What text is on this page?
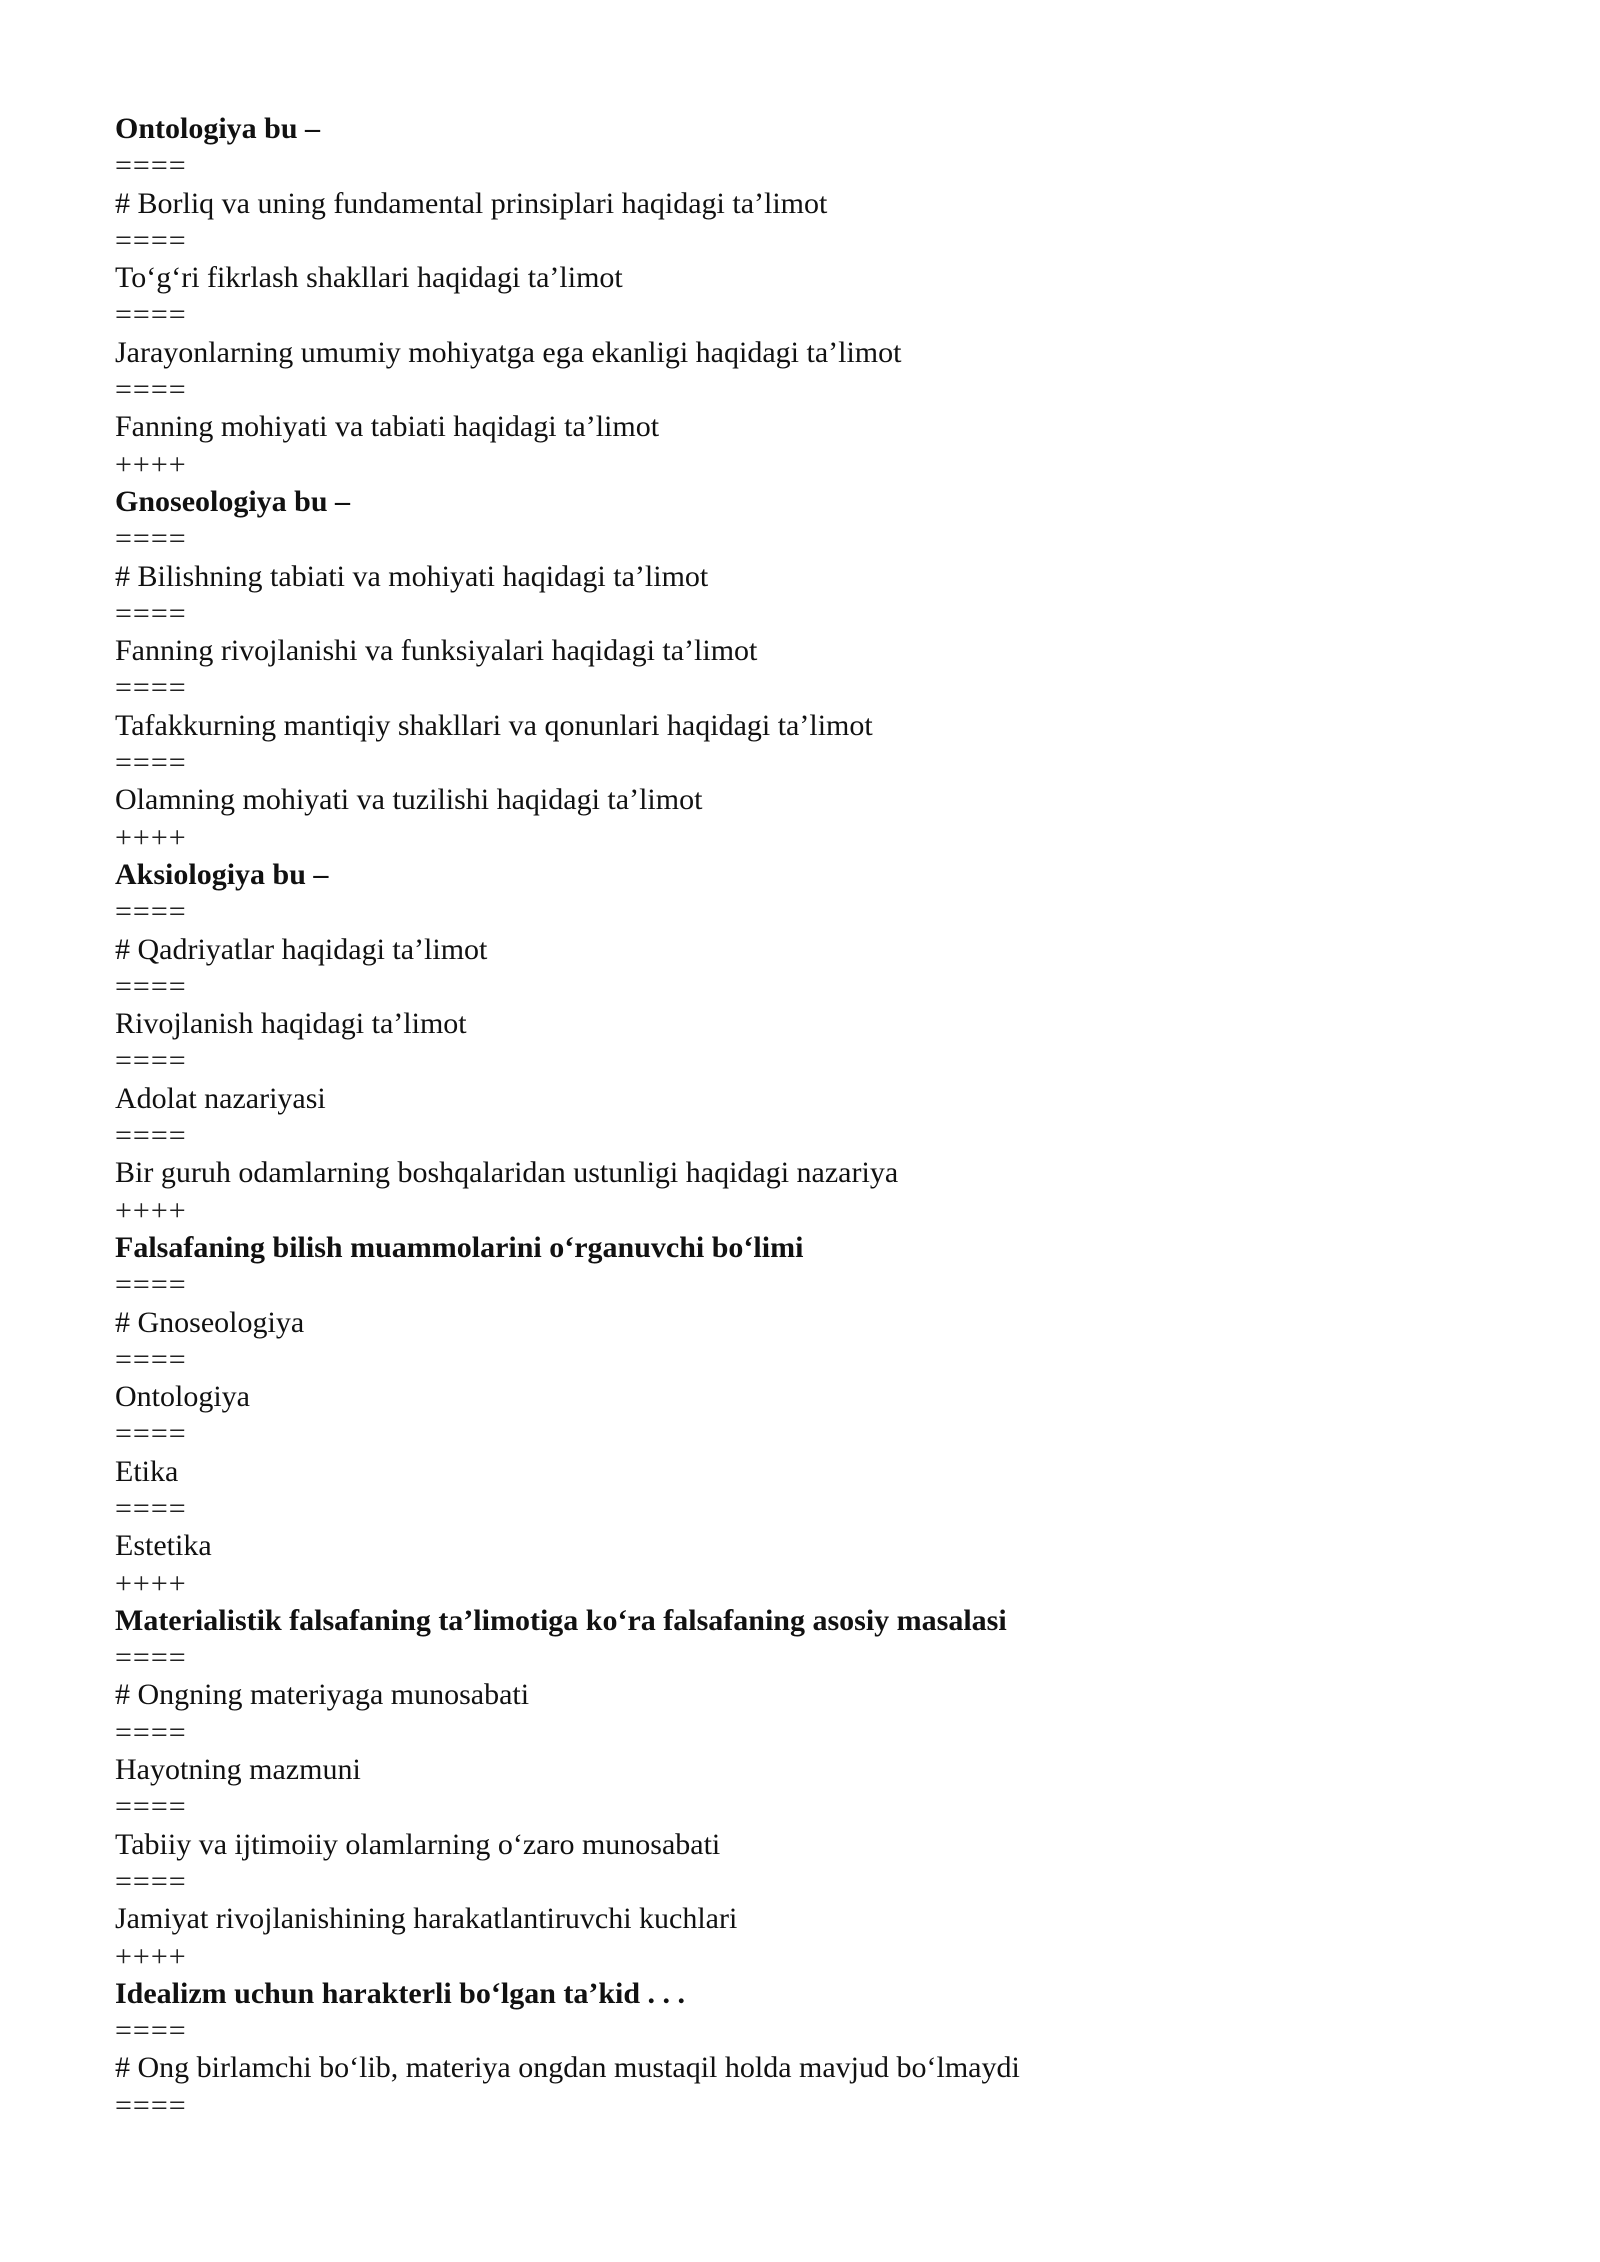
Ontologiya bu –
====
# Borliq va uning fundamental prinsiplari haqidagi ta’limot
====
To‘g‘ri fikrlash shakllari haqidagi ta’limot
====
Jarayonlarning umumiy mohiyatga ega ekanligi haqidagi ta’limot
====
Fanning mohiyati va tabiati haqidagi ta’limot
++++
Gnoseologiya bu –
====
# Bilishning tabiati va mohiyati haqidagi ta’limot
====
Fanning rivojlanishi va funksiyalari haqidagi ta’limot
====
Tafakkurning mantiqiy shakllari va qonunlari haqidagi ta’limot
====
Olamning mohiyati va tuzilishi haqidagi ta’limot
++++
Aksiologiya bu –
====
# Qadriyatlar haqidagi ta’limot
====
Rivojlanish haqidagi ta’limot
====
Adolat nazariyasi
====
Bir guruh odamlarning boshqalaridan ustunligi haqidagi nazariya
++++
Falsafaning bilish muammolarini o‘rganuvchi bo‘limi
====
# Gnoseologiya
====
Ontologiya
====
Etika
====
Estetika
++++
Materialistik falsafaning ta’limotiga ko‘ra falsafaning asosiy masalasi
====
# Ongning materiyaga munosabati
====
Hayotning mazmuni
====
Tabiiy va ijtimoiiy olamlarning o‘zaro munosabati
====
Jamiyat rivojlanishining harakatlantiruvchi kuchlari
++++
Idealizm uchun harakterli bo‘lgan ta’kid . . .
====
# Ong birlamchi bo‘lib, materiya ongdan mustaqil holda mavjud bo‘lmaydi
====
